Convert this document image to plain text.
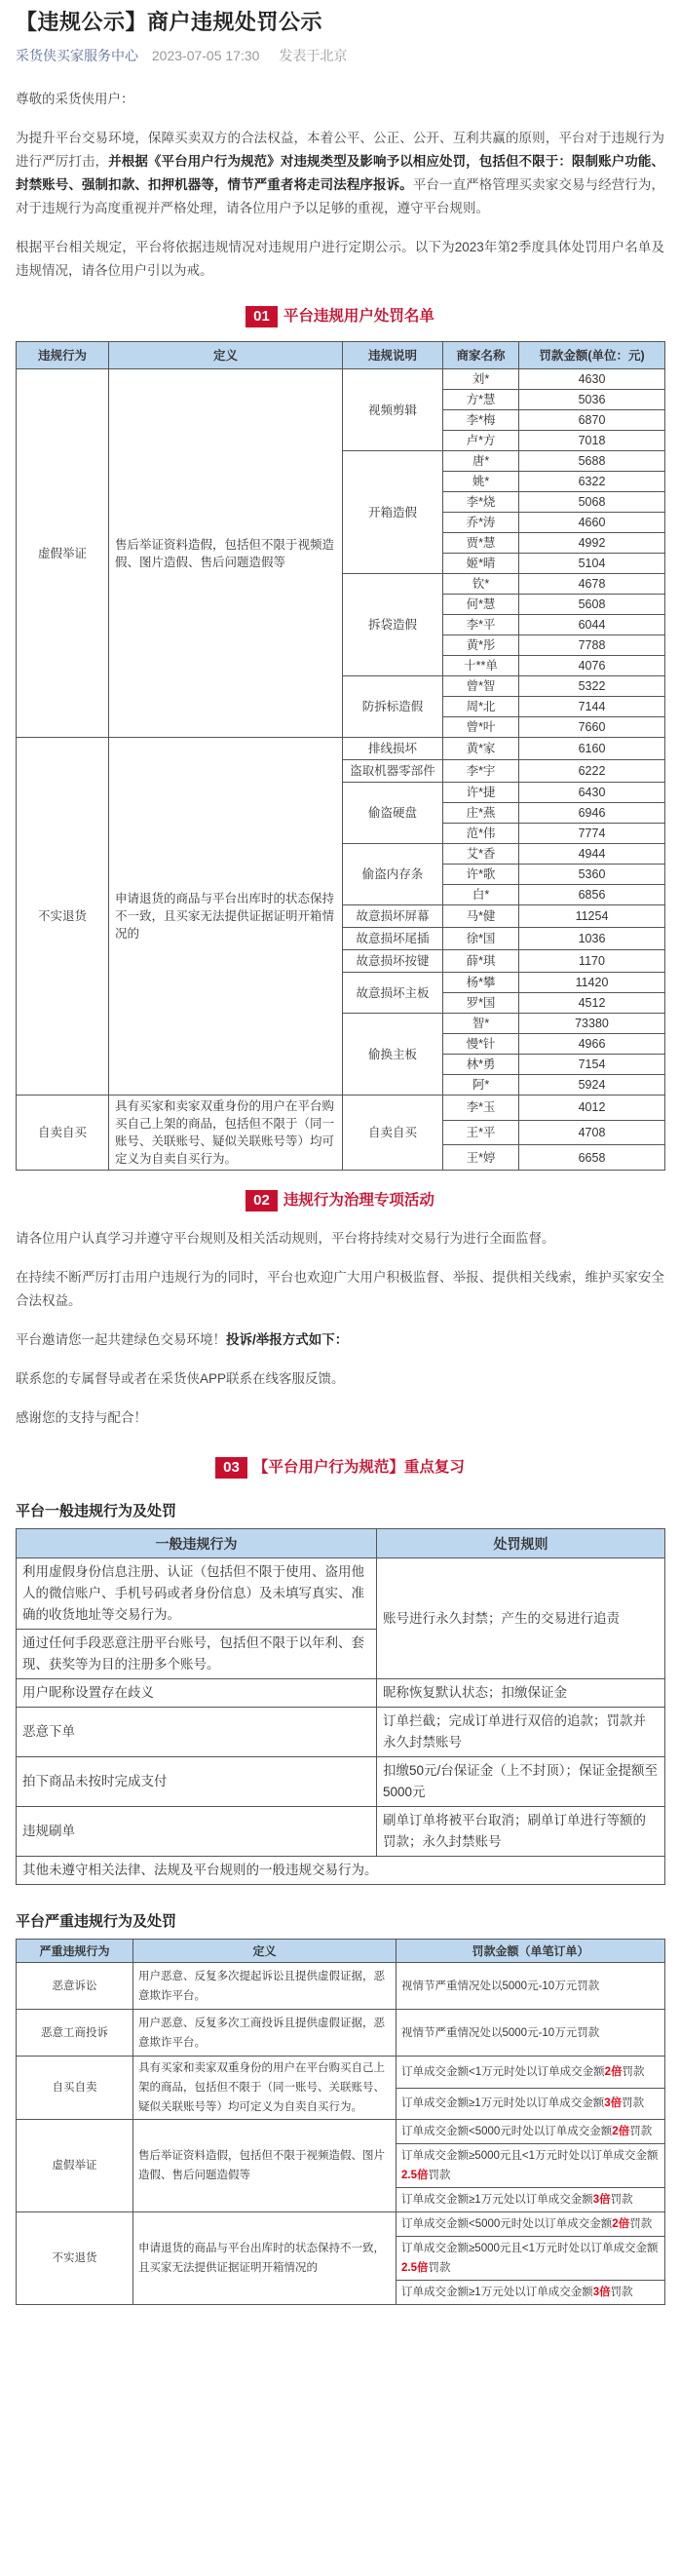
【违规公示】商户违规处罚公示
采货侠买家服务中心 2023-07-05 17:30 发表于北京

尊敬的采货侠用户：

为提升平台交易环境，保障买卖双方的合法权益，本着公平、公正、公开、互利共赢的原则，平台对于违规行为进行严厉打击，并根据《平台用户行为规范》对违规类型及影响予以相应处罚，包括但不限于：限制账户功能、封禁账号、强制扣款、扣押机器等，情节严重者将走司法程序报诉。平台一直严格管理买卖家交易与经营行为，对于违规行为高度重视并严格处理，请各位用户予以足够的重视，遵守平台规则。

根据平台相关规定，平台将依据违规情况对违规用户进行定期公示。以下为2023年第2季度具体处罚用户名单及违规情况，请各位用户引以为戒。

01 平台违规用户处罚名单
违规行为	定义	违规说明	商家名称	罚款金额(单位：元)
虚假举证	售后举证资料造假，包括但不限于视频造假、图片造假、售后问题造假等	视频剪辑	刘*	4630
			方*慧	5036
			李*梅	6870
			卢*方	7018
		开箱造假	唐*	5688
			姚*	6322
			李*烧	5068
			乔*涛	4660
			贾*慧	4992
			姬*晴	5104
		拆袋造假	钦*	4678
			何*慧	5608
			李*平	6044
			黄*彤	7788
			十**单	4076
		防拆标造假	曾*智	5322
			周*北	7144
			曾*叶	7660
不实退货	申请退货的商品与平台出库时的状态保持不一致，且买家无法提供证据证明开箱情况的	排线损坏	黄*家	6160
		盗取机器零部件	李*宇	6222
		偷盗硬盘	许*捷	6430
			庄*燕	6946
			范*伟	7774
		偷盗内存条	艾*香	4944
			许*歌	5360
			白*	6856
		故意损坏屏幕	马*健	11254
		故意损坏尾插	徐*国	1036
		故意损坏按键	薛*琪	1170
		故意损坏主板	杨*攀	11420
			罗*国	4512
		偷换主板	智*	73380
			慢*针	4966
			林*勇	7154
			阿*	5924
自卖自买	具有买家和卖家双重身份的用户在平台购买自己上架的商品，包括但不限于（同一账号、关联账号、疑似关联账号等）均可定义为自卖自买行为。	自卖自买	李*玉	4012
			王*平	4708
			王*婷	6658
02 违规行为治理专项活动

请各位用户认真学习并遵守平台规则及相关活动规则，平台将持续对交易行为进行全面监督。

在持续不断严厉打击用户违规行为的同时，平台也欢迎广大用户积极监督、举报、提供相关线索，维护买家安全合法权益。

平台邀请您一起共建绿色交易环境！投诉/举报方式如下：

联系您的专属督导或者在采货侠APP联系在线客服反馈。

感谢您的支持与配合！

03 【平台用户行为规范】重点复习
平台一般违规行为及处罚
一般违规行为	处罚规则
利用虚假身份信息注册、认证（包括但不限于使用、盗用他人的微信账户、手机号码或者身份信息）及未填写真实、准确的收货地址等交易行为。	账号进行永久封禁；产生的交易进行追责
通过任何手段恶意注册平台账号，包括但不限于以年利、套现、获奖等为目的注册多个账号。	
用户昵称设置存在歧义	昵称恢复默认状态；扣缴保证金
恶意下单	订单拦截；完成订单进行双倍的追款；罚款并永久封禁账号
拍下商品未按时完成支付	扣缴50元/台保证金（上不封顶）；保证金提额至5000元
违规刷单	刷单订单将被平台取消；刷单订单进行等额的罚款；永久封禁账号
其他未遵守相关法律、法规及平台规则的一般违规交易行为。	
平台严重违规行为及处罚
严重违规行为	定义	罚款金额（单笔订单）
恶意诉讼	用户恶意、反复多次提起诉讼且提供虚假证据，恶意欺诈平台。	视情节严重情况处以5000元-10万元罚款
恶意工商投诉	用户恶意、反复多次工商投诉且提供虚假证据，恶意欺诈平台。	视情节严重情况处以5000元-10万元罚款
自买自卖	具有买家和卖家双重身份的用户在平台购买自己上架的商品，包括但不限于（同一账号、关联账号、疑似关联账号等）均可定义为自卖自买行为。	订单成交金额<1万元时处以订单成交金额2倍罚款
		订单成交金额≥1万元时处以订单成交金额3倍罚款
虚假举证	售后举证资料造假，包括但不限于视频造假、图片造假、售后问题造假等	订单成交金额<5000元时处以订单成交金额2倍罚款
		订单成交金额≥5000元且<1万元时处以订单成交金额2.5倍罚款
		订单成交金额≥1万元处以订单成交金额3倍罚款
不实退货	申请退货的商品与平台出库时的状态保持不一致，且买家无法提供证据证明开箱情况的	订单成交金额<5000元时处以订单成交金额2倍罚款
		订单成交金额≥5000元且<1万元时处以订单成交金额2.5倍罚款
		订单成交金额≥1万元处以订单成交金额3倍罚款
